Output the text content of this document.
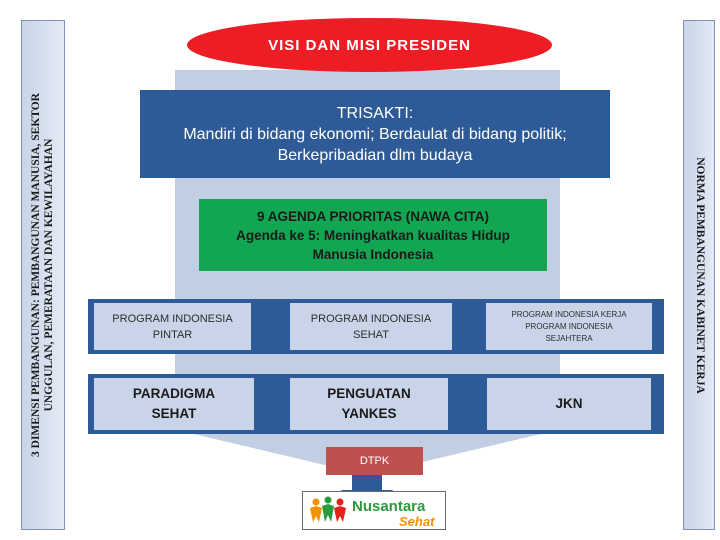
3 DIMENSI PEMBANGUNAN: PEMBANGUNAN MANUSIA, SEKTOR UNGGULAN, PEMERATAAN DAN KEWILAYAHAN	NORMA PEMBANGUNAN KABINET KERJA
VISI DAN MISI PRESIDEN
TRISAKTI:
Mandiri di bidang ekonomi; Berdaulat di bidang politik;
Berkepribadian dlm budaya
9 AGENDA PRIORITAS (NAWA CITA)
Agenda ke 5: Meningkatkan kualitas Hidup
Manusia Indonesia
PROGRAM INDONESIA
PINTAR
PROGRAM INDONESIA
SEHAT
PROGRAM INDONESIA KERJA
PROGRAM INDONESIA
SEJAHTERA
PARADIGMA
SEHAT
PENGUATAN
YANKES
JKN
DTPK
Nusantara
Sehat
